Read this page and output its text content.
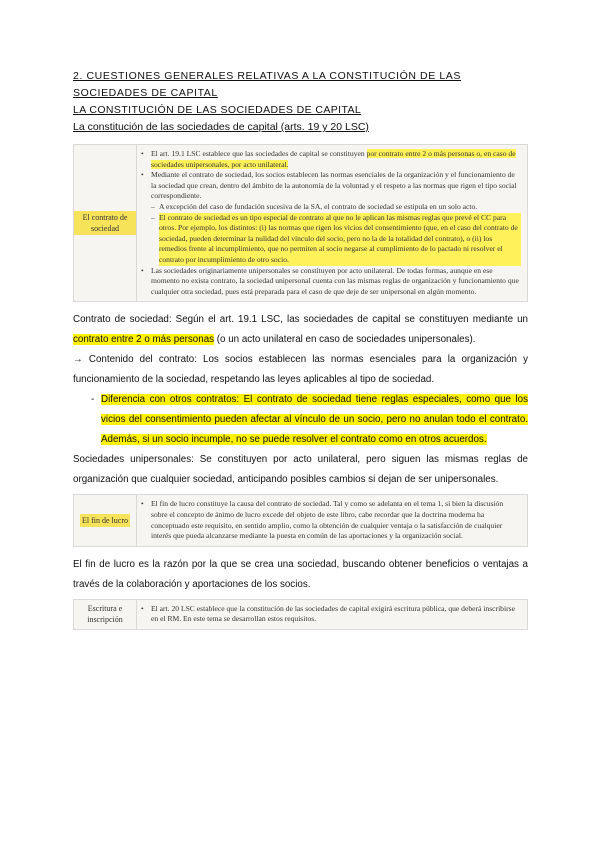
2. CUESTIONES GENERALES RELATIVAS A LA CONSTITUCIÓN DE LAS SOCIEDADES DE CAPITAL

LA CONSTITUCIÓN DE LAS SOCIEDADES DE CAPITAL

La constitución de las sociedades de capital (arts. 19 y 20 LSC)

El contrato de sociedad
• El art. 19.1 LSC establece que las sociedades de capital se constituyen por contrato entre 2 o más personas o, en caso de sociedades unipersonales, por acto unilateral.
• Mediante el contrato de sociedad, los socios establecen las normas esenciales de la organización y el funcionamiento de la sociedad que crean, dentro del ámbito de la autonomía de la voluntad y el respeto a las normas que rigen el tipo social correspondiente.
– A excepción del caso de fundación sucesiva de la SA, el contrato de sociedad se estipula en un solo acto.
– El contrato de sociedad es un tipo especial de contrato al que no le aplican las mismas reglas que prevé el CC para otros. Por ejemplo, los distintos: (i) las normas que rigen los vicios del consentimiento (que, en el caso del contrato de sociedad, pueden determinar la nulidad del vínculo del socio, pero no la de la totalidad del contrato), o (ii) los remedios frente al incumplimiento, que no permiten al socio negarse al cumplimiento de lo pactado ni resolver el contrato por incumplimiento de otro socio.
• Las sociedades originariamente unipersonales se constituyen por acto unilateral. De todas formas, aunque en ese momento no exista contrato, la sociedad unipersonal cuenta con las mismas reglas de organización y funcionamiento que cualquier otra sociedad, pues está preparada para el caso de que deje de ser unipersonal en algún momento.

Contrato de sociedad: Según el art. 19.1 LSC, las sociedades de capital se constituyen mediante un contrato entre 2 o más personas (o un acto unilateral en caso de sociedades unipersonales).

→ Contenido del contrato: Los socios establecen las normas esenciales para la organización y funcionamiento de la sociedad, respetando las leyes aplicables al tipo de sociedad.

- Diferencia con otros contratos: El contrato de sociedad tiene reglas especiales, como que los vicios del consentimiento pueden afectar al vínculo de un socio, pero no anulan todo el contrato. Además, si un socio incumple, no se puede resolver el contrato como en otros acuerdos.

Sociedades unipersonales: Se constituyen por acto unilateral, pero siguen las mismas reglas de organización que cualquier sociedad, anticipando posibles cambios si dejan de ser unipersonales.

El fin de lucro
• El fin de lucro constituye la causa del contrato de sociedad. Tal y como se adelanta en el tema 1, si bien la discusión sobre el concepto de ánimo de lucro excede del objeto de este libro, cabe recordar que la doctrina moderna ha conceptuado este requisito, en sentido amplio, como la obtención de cualquier ventaja o la satisfacción de cualquier interés que pueda alcanzarse mediante la puesta en común de las aportaciones y la organización social.

El fin de lucro es la razón por la que se crea una sociedad, buscando obtener beneficios o ventajas a través de la colaboración y aportaciones de los socios.

Escritura e inscripción
• El art. 20 LSC establece que la constitución de las sociedades de capital exigirá escritura pública, que deberá inscribirse en el RM. En este tema se desarrollan estos requisitos.
